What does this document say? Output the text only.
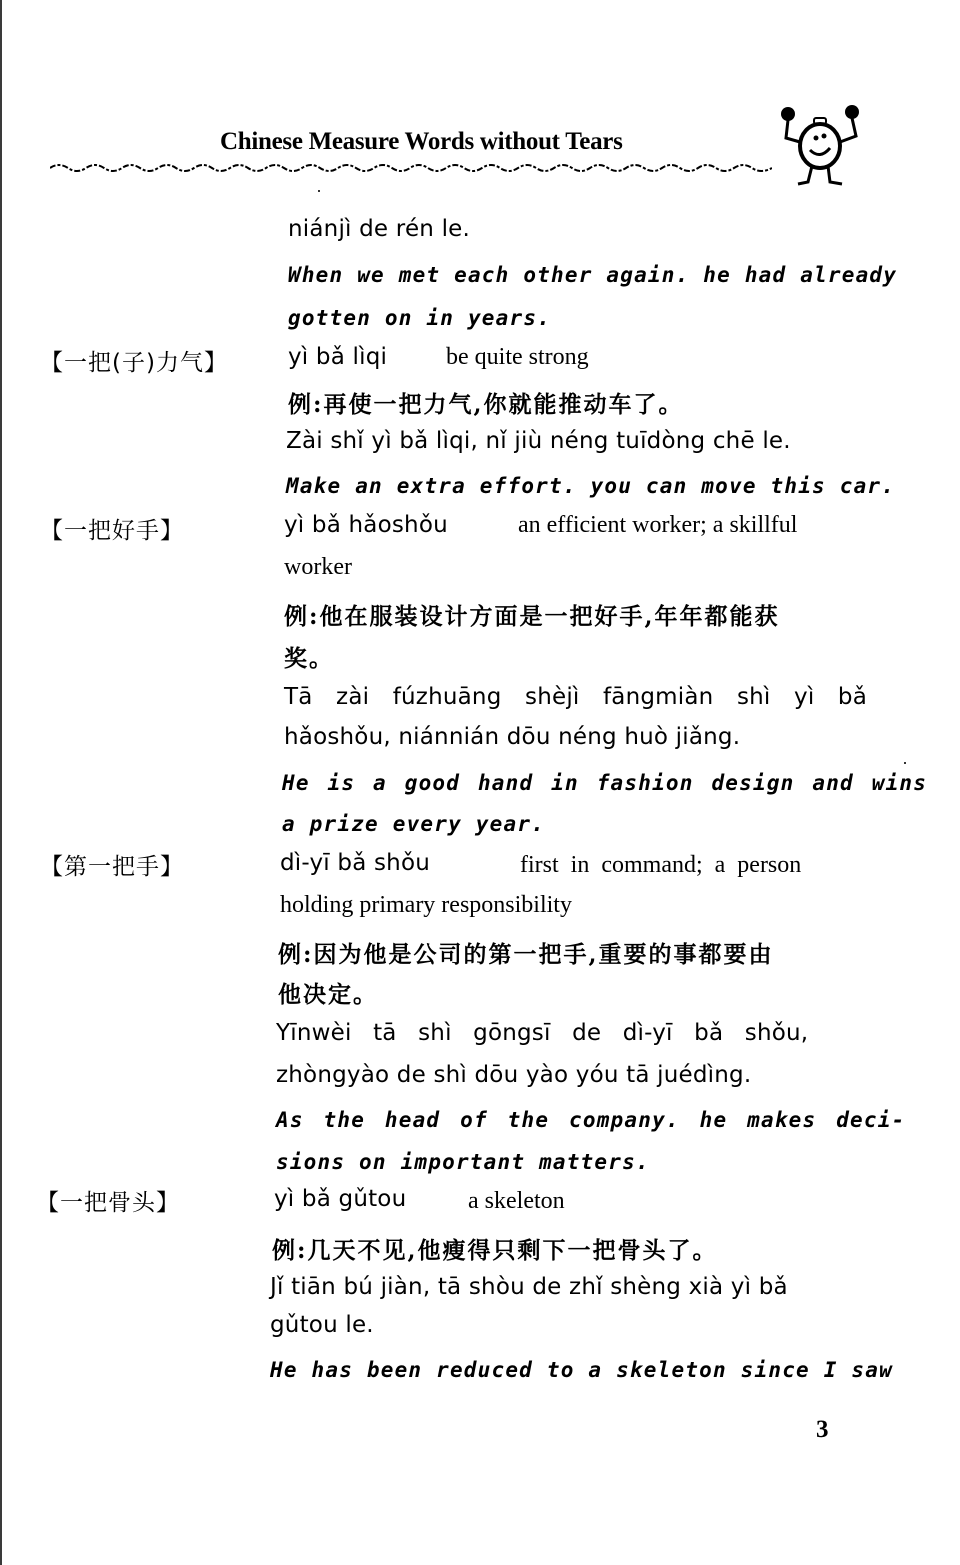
Chinese Measure Words without Tears
niánjì de rén le.
When we met each other again. he had already
gotten on in years.
【一把(子)力气】	yì bǎ lìqi be quite strong
例:再使一把力气,你就能推动车了。
Zài shǐ yì bǎ lìqi, nǐ jiù néng tuīdòng chē le.
Make an extra effort. you can move this car.
【一把好手】	yì bǎ hǎoshǒu	an efficient worker; a skillful
worker
例:他在服装设计方面是一把好手,年年都能获
奖。
Tā zài fúzhuāng shèjì fāngmiàn shì yì bǎ
hǎoshǒu, niánnián dōu néng huò jiǎng.
He is a good hand in fashion design and wins
a prize every year.
【第一把手】	dì-yī bǎ shǒu	first in command; a person
holding primary responsibility
例:因为他是公司的第一把手,重要的事都要由
他决定。
Yīnwèi tā shì gōngsī de dì-yī bǎ shǒu,
zhòngyào de shì dōu yào yóu tā juédìng.
As the head of the company. he makes deci-
sions on important matters.
【一把骨头】	yì bǎ gǔtou	a skeleton
例:几天不见,他瘦得只剩下一把骨头了。
Jǐ tiān bú jiàn, tā shòu de zhǐ shèng xià yì bǎ
gǔtou le.
He has been reduced to a skeleton since I saw
3
